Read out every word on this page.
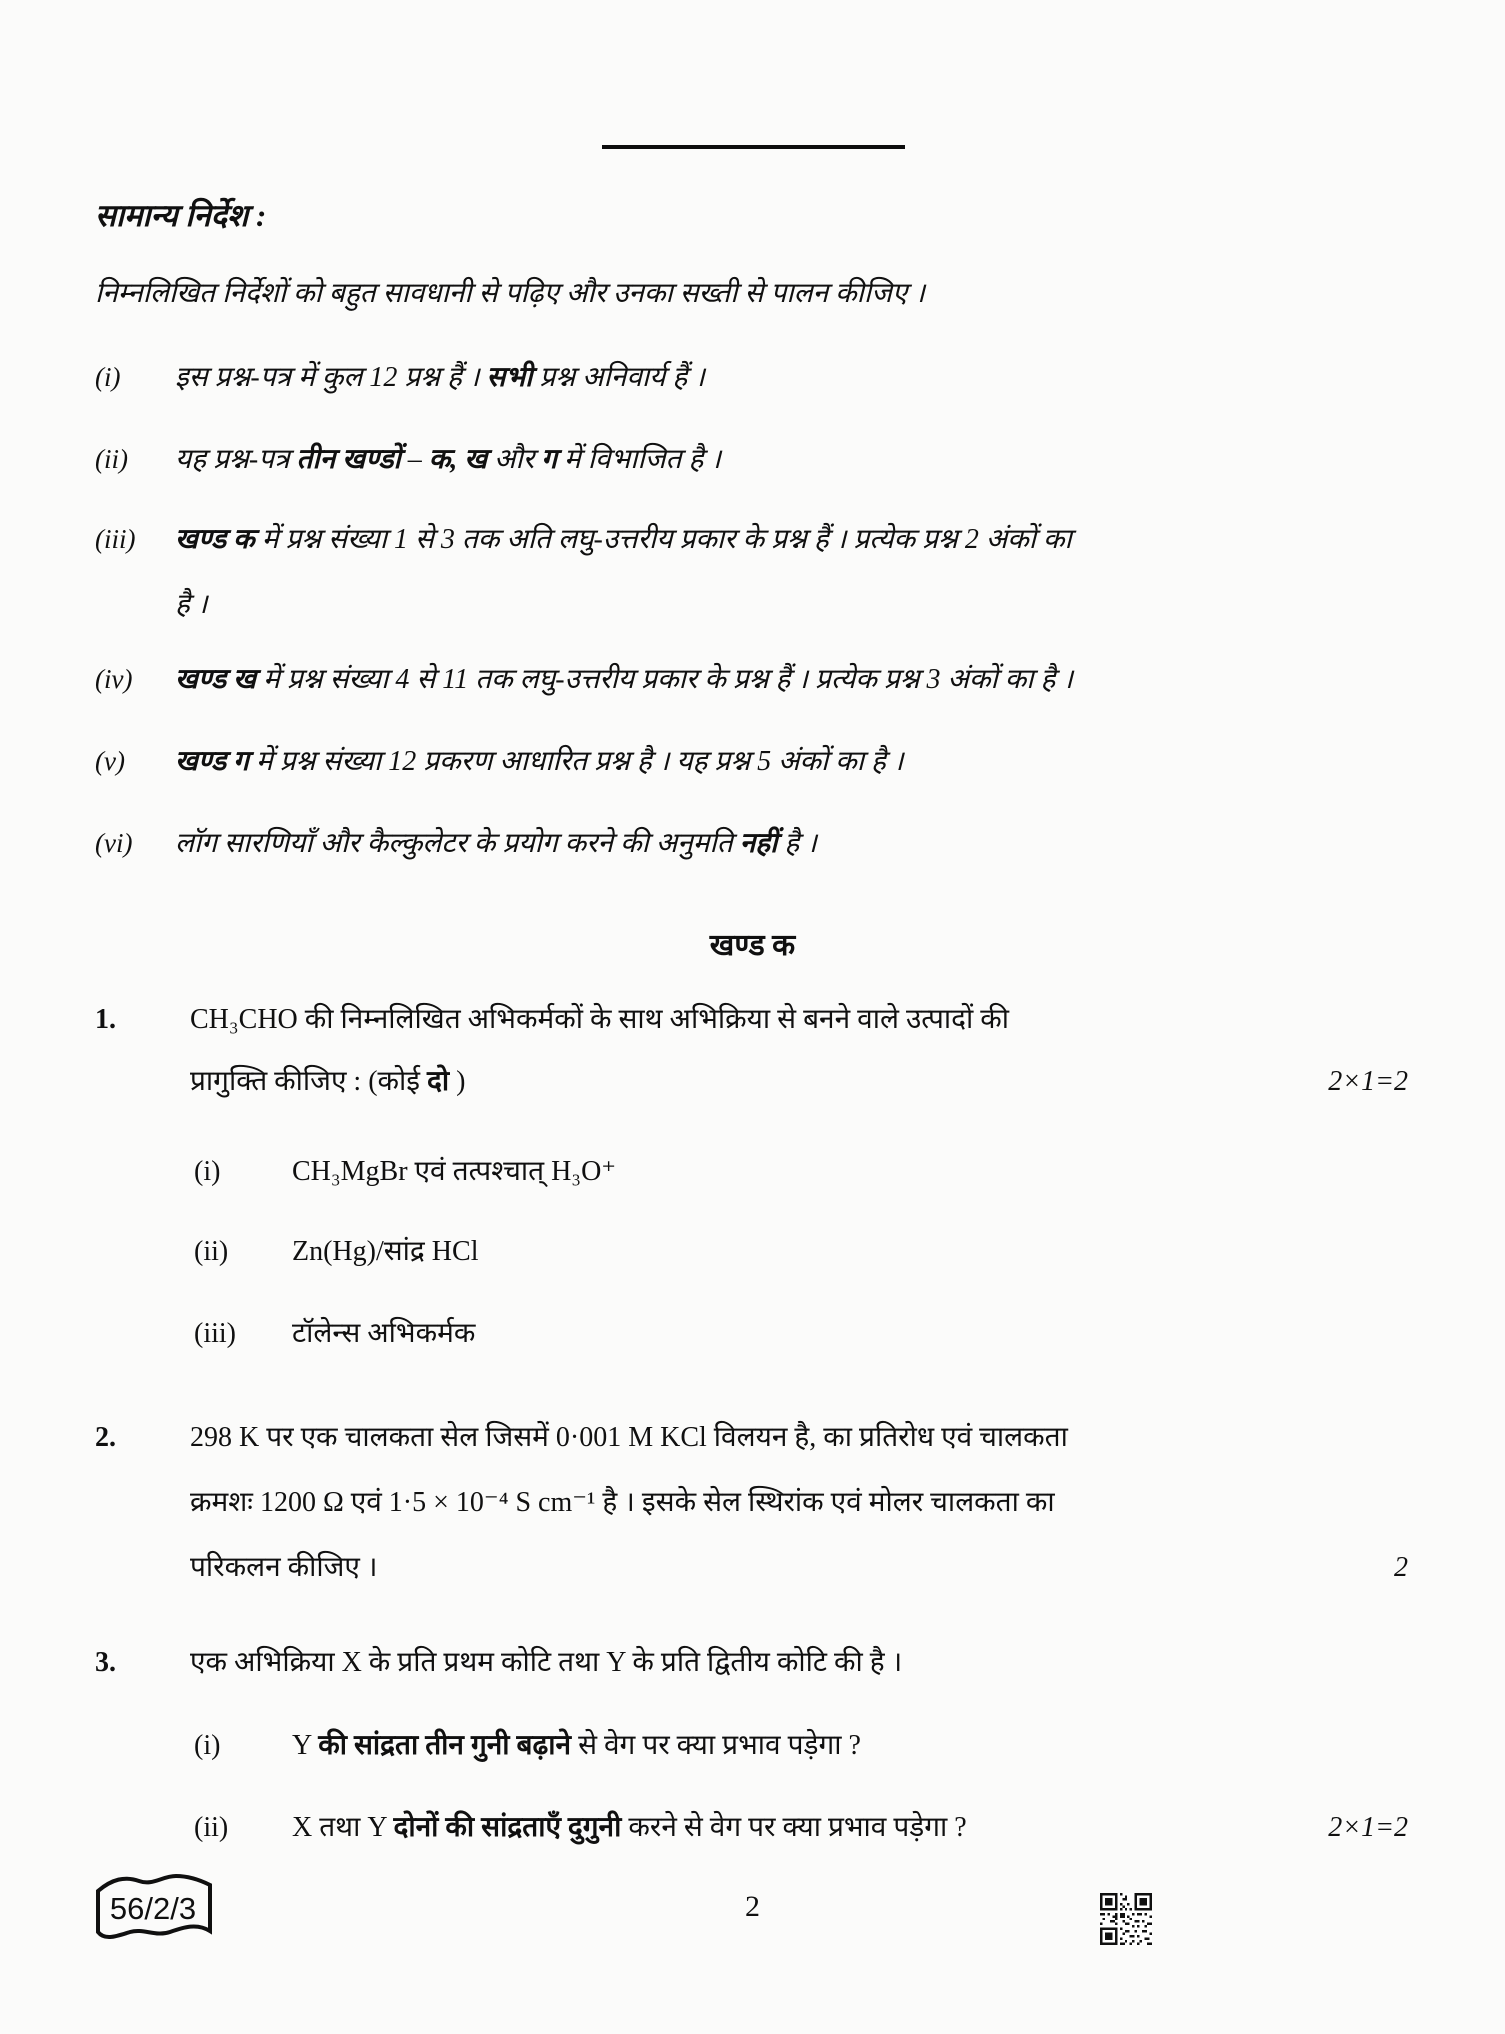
सामान्य निर्देश :
निम्नलिखित निर्देशों को बहुत सावधानी से पढ़िए और उनका सख्ती से पालन कीजिए ।
(i) इस प्रश्न-पत्र में कुल 12 प्रश्न हैं । सभी प्रश्न अनिवार्य हैं ।
(ii) यह प्रश्न-पत्र तीन खण्डों – क, ख और ग में विभाजित है ।
(iii) खण्ड क में प्रश्न संख्या 1 से 3 तक अति लघु-उत्तरीय प्रकार के प्रश्न हैं । प्रत्येक प्रश्न 2 अंकों का
है ।
(iv) खण्ड ख में प्रश्न संख्या 4 से 11 तक लघु-उत्तरीय प्रकार के प्रश्न हैं । प्रत्येक प्रश्न 3 अंकों का है ।
(v) खण्ड ग में प्रश्न संख्या 12 प्रकरण आधारित प्रश्न है । यह प्रश्न 5 अंकों का है ।
(vi) लॉग सारणियाँ और कैल्कुलेटर के प्रयोग करने की अनुमति नहीं है ।
खण्ड क
1.	CH₃CHO की निम्नलिखित अभिकर्मकों के साथ अभिक्रिया से बनने वाले उत्पादों की
प्रागुक्ति कीजिए : (कोई दो )	2×1=2
(i)	CH₃MgBr एवं तत्पश्चात् H₃O⁺
(ii) Zn(Hg)/सांद्र HCl
(iii) टॉलेन्स अभिकर्मक
2.	298 K पर एक चालकता सेल जिसमें 0·001 M KCl विलयन है, का प्रतिरोध एवं चालकता
क्रमशः 1200 Ω एवं 1·5 × 10⁻⁴ S cm⁻¹ है । इसके सेल स्थिरांक एवं मोलर चालकता का
परिकलन कीजिए ।	2
3.	एक अभिक्रिया X के प्रति प्रथम कोटि तथा Y के प्रति द्वितीय कोटि की है ।
(i)	Y की सांद्रता तीन गुनी बढ़ाने से वेग पर क्या प्रभाव पड़ेगा ?
(ii) X तथा Y दोनों की सांद्रताएँ दुगुनी करने से वेग पर क्या प्रभाव पड़ेगा ?	2×1=2
56/2/3	2
